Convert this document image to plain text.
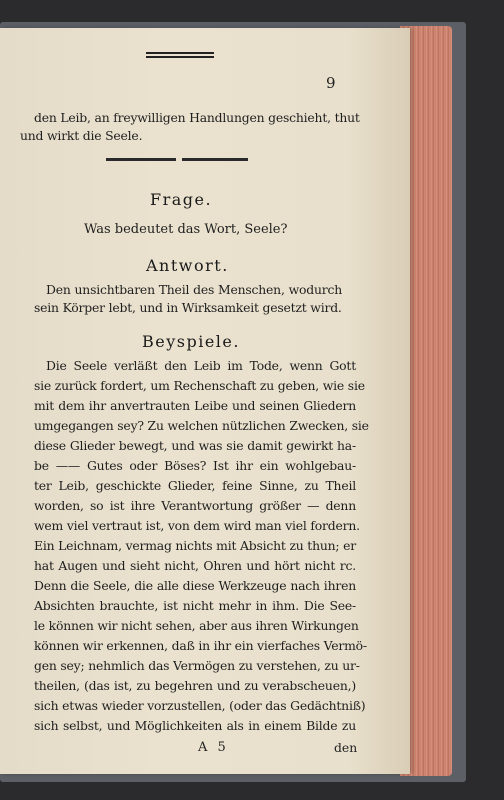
9
den Leib, an freywilligen Handlungen geschieht, thut
und wirkt die Seele.
Frage.
Was bedeutet das Wort, Seele?
Antwort.
Den unsichtbaren Theil des Menschen, wodurch
sein Körper lebt, und in Wirksamkeit gesetzt wird.
Beyspiele.
Die Seele verläßt den Leib im Tode, wenn Gott
sie zurück fordert, um Rechenschaft zu geben, wie sie
mit dem ihr anvertrauten Leibe und seinen Gliedern
umgegangen sey? Zu welchen nützlichen Zwecken, sie
diese Glieder bewegt, und was sie damit gewirkt ha-
be —— Gutes oder Böses? Ist ihr ein wohlgebau-
ter Leib, geschickte Glieder, feine Sinne, zu Theil
worden, so ist ihre Verantwortung größer — denn
wem viel vertraut ist, von dem wird man viel fordern.
Ein Leichnam, vermag nichts mit Absicht zu thun; er
hat Augen und sieht nicht, Ohren und hört nicht rc.
Denn die Seele, die alle diese Werkzeuge nach ihren
Absichten brauchte, ist nicht mehr in ihm. Die See-
le können wir nicht sehen, aber aus ihren Wirkungen
können wir erkennen, daß in ihr ein vierfaches Vermö-
gen sey; nehmlich das Vermögen zu verstehen, zu ur-
theilen, (das ist, zu begehren und zu verabscheuen,)
sich etwas wieder vorzustellen, (oder das Gedächtniß)
sich selbst, und Möglichkeiten als in einem Bilde zu
A 5	den
